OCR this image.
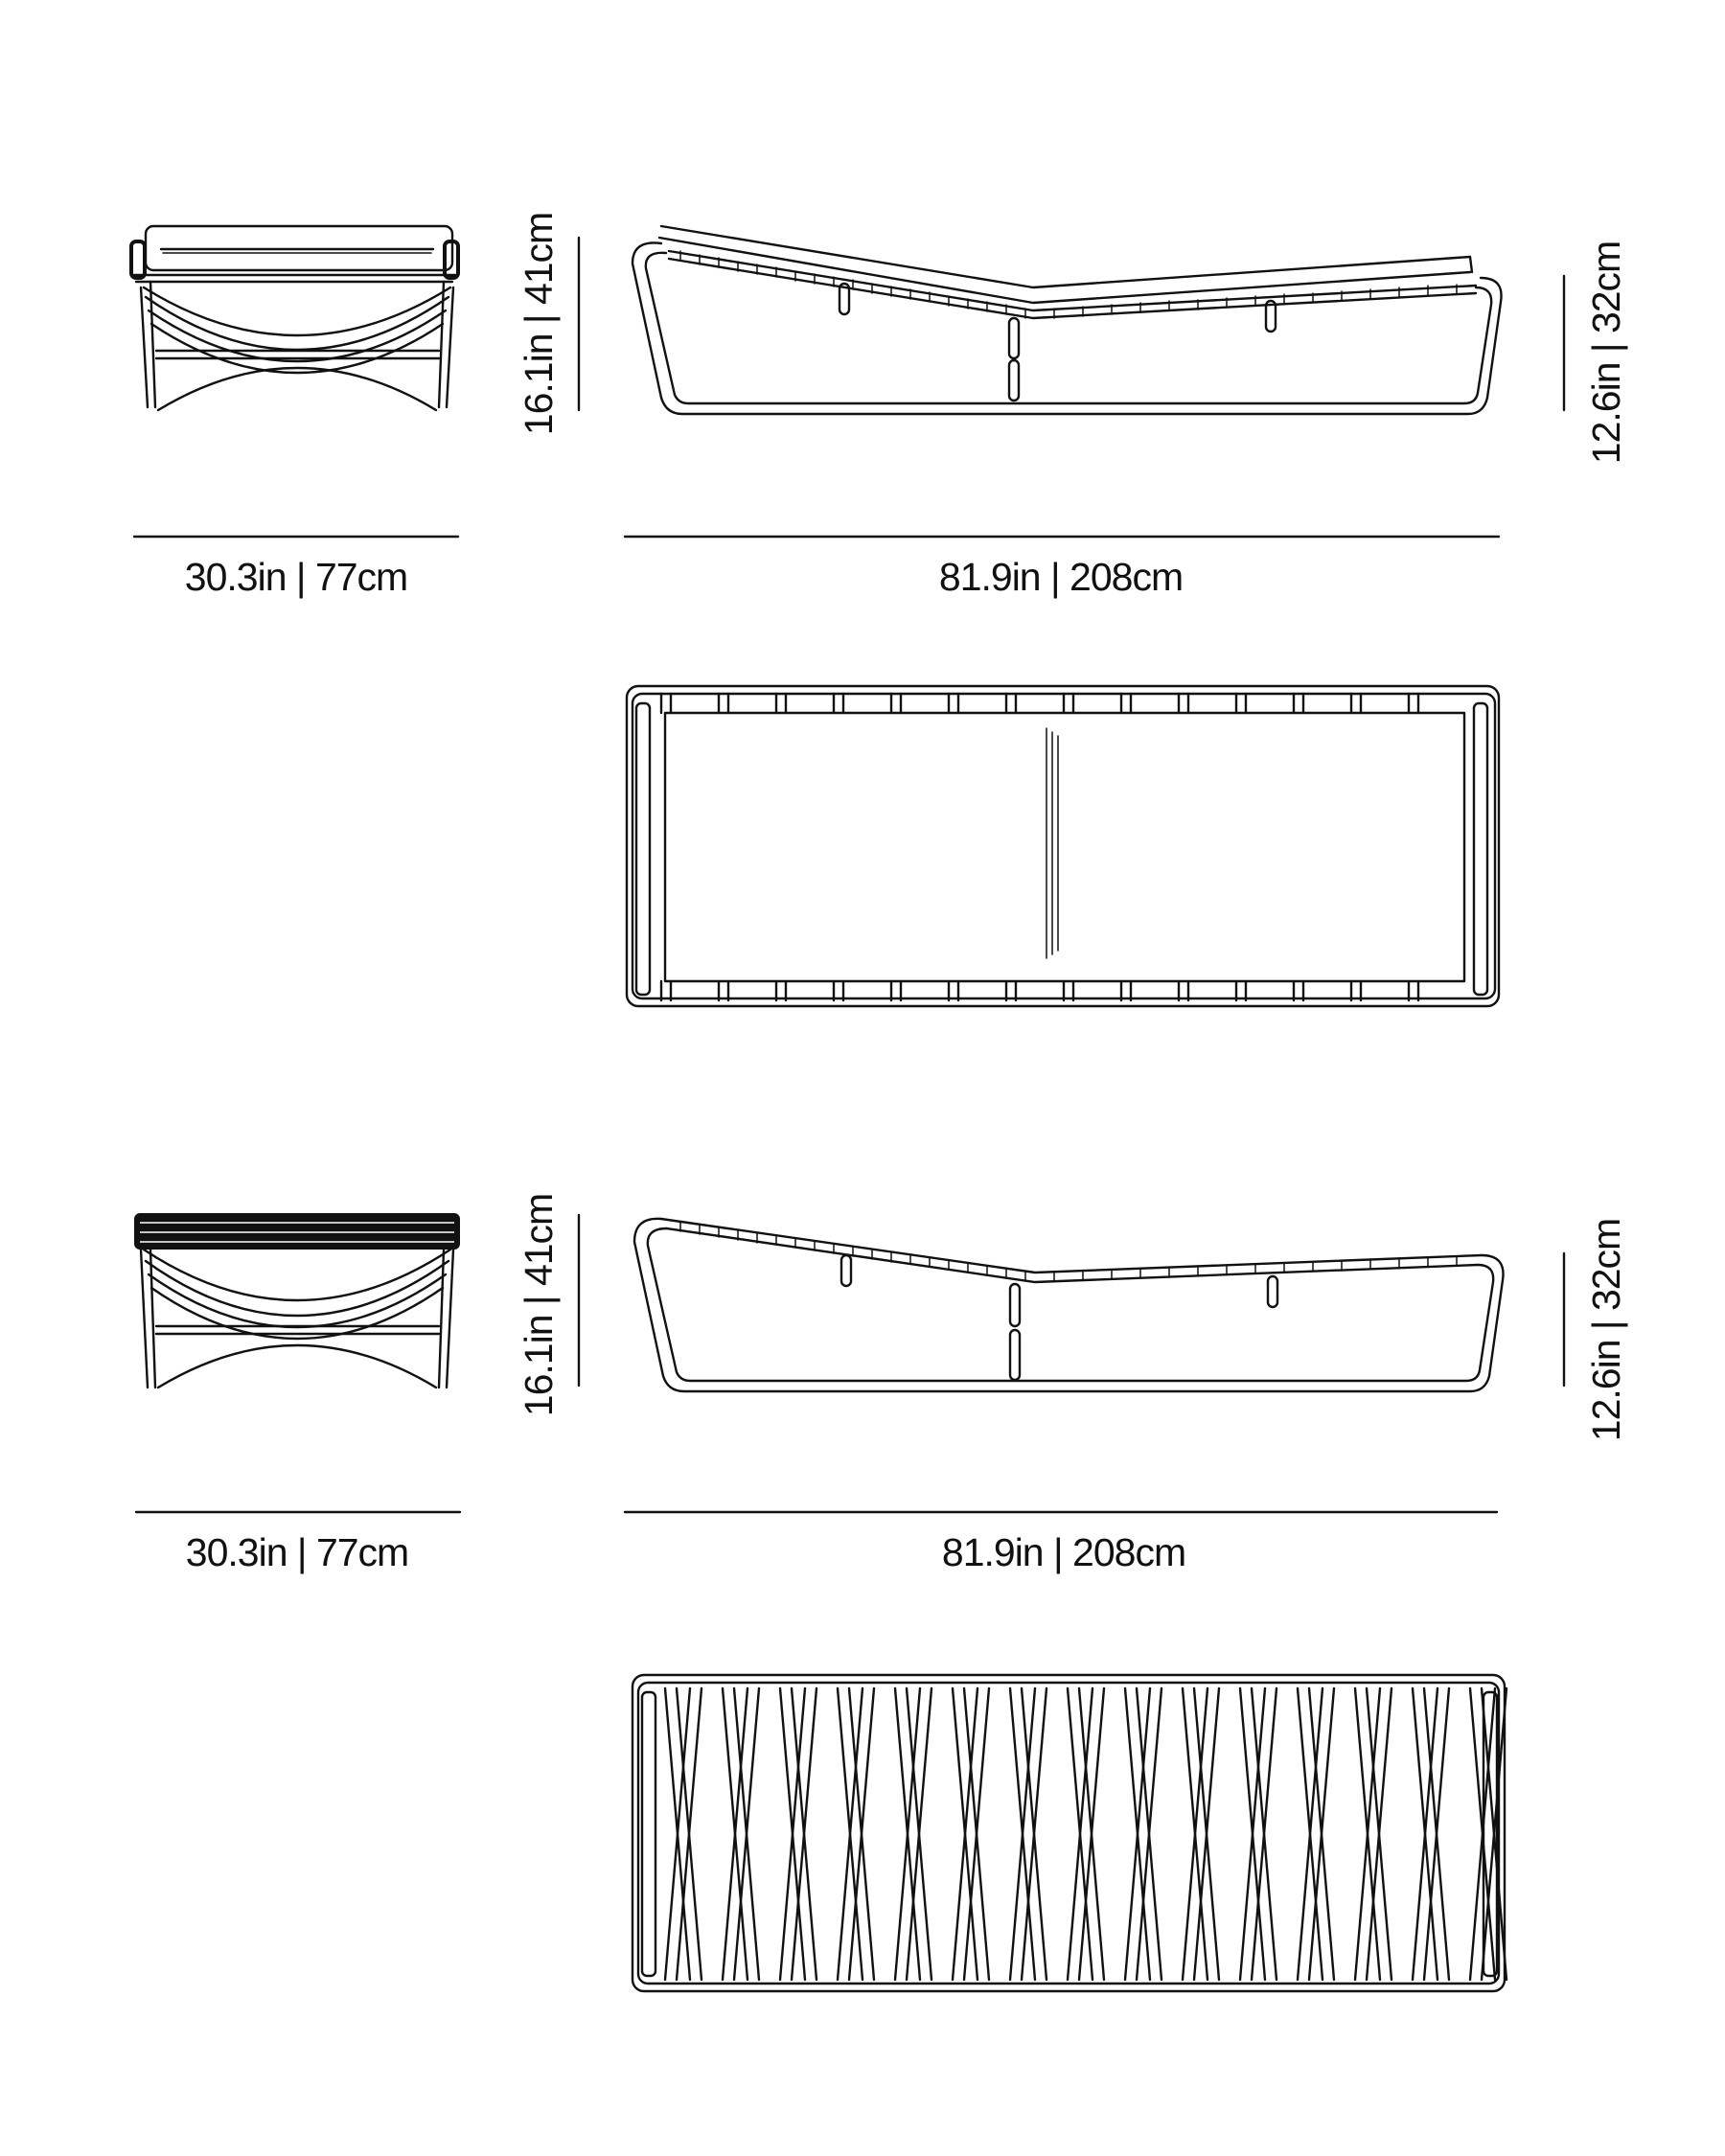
30.3in | 77cm
16.1in | 41cm
81.9in | 208cm
12.6in | 32cm
30.3in | 77cm
16.1in | 41cm
81.9in | 208cm
12.6in | 32cm
